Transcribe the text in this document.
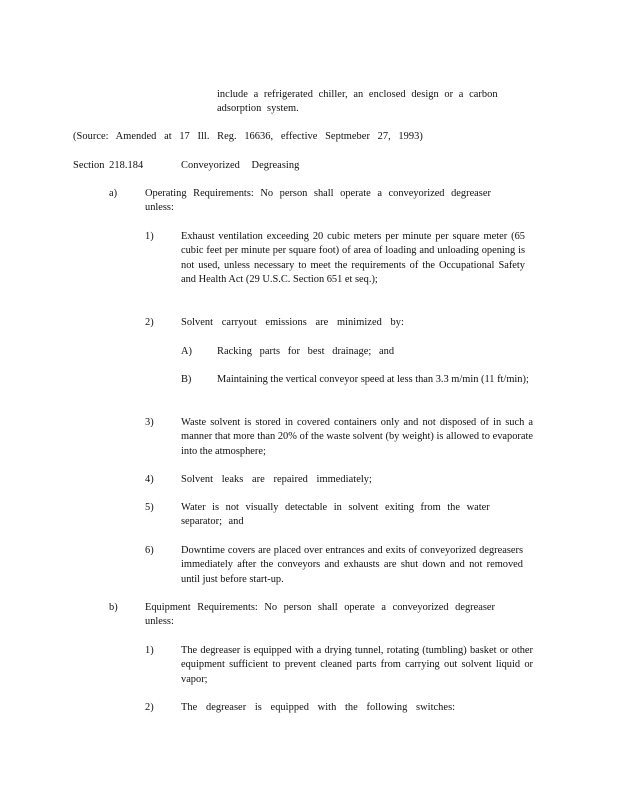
include a refrigerated chiller, an enclosed design or a carbon
adsorption system.
(Source: Amended at 17 Ill. Reg. 16636, effective Septmeber 27, 1993)
Section 218.184	Conveyorized Degreasing
a)	Operating Requirements: No person shall operate a conveyorized degreaser unless:
1)	Exhaust ventilation exceeding 20 cubic meters per minute per square meter (65 cubic feet per minute per square foot) of area of loading and unloading opening is not used, unless necessary to meet the requirements of the Occupational Safety and Health Act (29 U.S.C. Section 651 et seq.);
2)	Solvent carryout emissions are minimized by:
A) Racking parts for best drainage; and
B) Maintaining the vertical conveyor speed at less than 3.3 m/min (11 ft/min);
3)	Waste solvent is stored in covered containers only and not disposed of in such a manner that more than 20% of the waste solvent (by weight) is allowed to evaporate into the atmosphere;
4)	Solvent leaks are repaired immediately;
5)	Water is not visually detectable in solvent exiting from the water separator; and
6)	Downtime covers are placed over entrances and exits of conveyorized degreasers immediately after the conveyors and exhausts are shut down and not removed until just before start-up.
b)	Equipment Requirements: No person shall operate a conveyorized degreaser unless:
1)	The degreaser is equipped with a drying tunnel, rotating (tumbling) basket or other equipment sufficient to prevent cleaned parts from carrying out solvent liquid or vapor;
2)	The degreaser is equipped with the following switches:
